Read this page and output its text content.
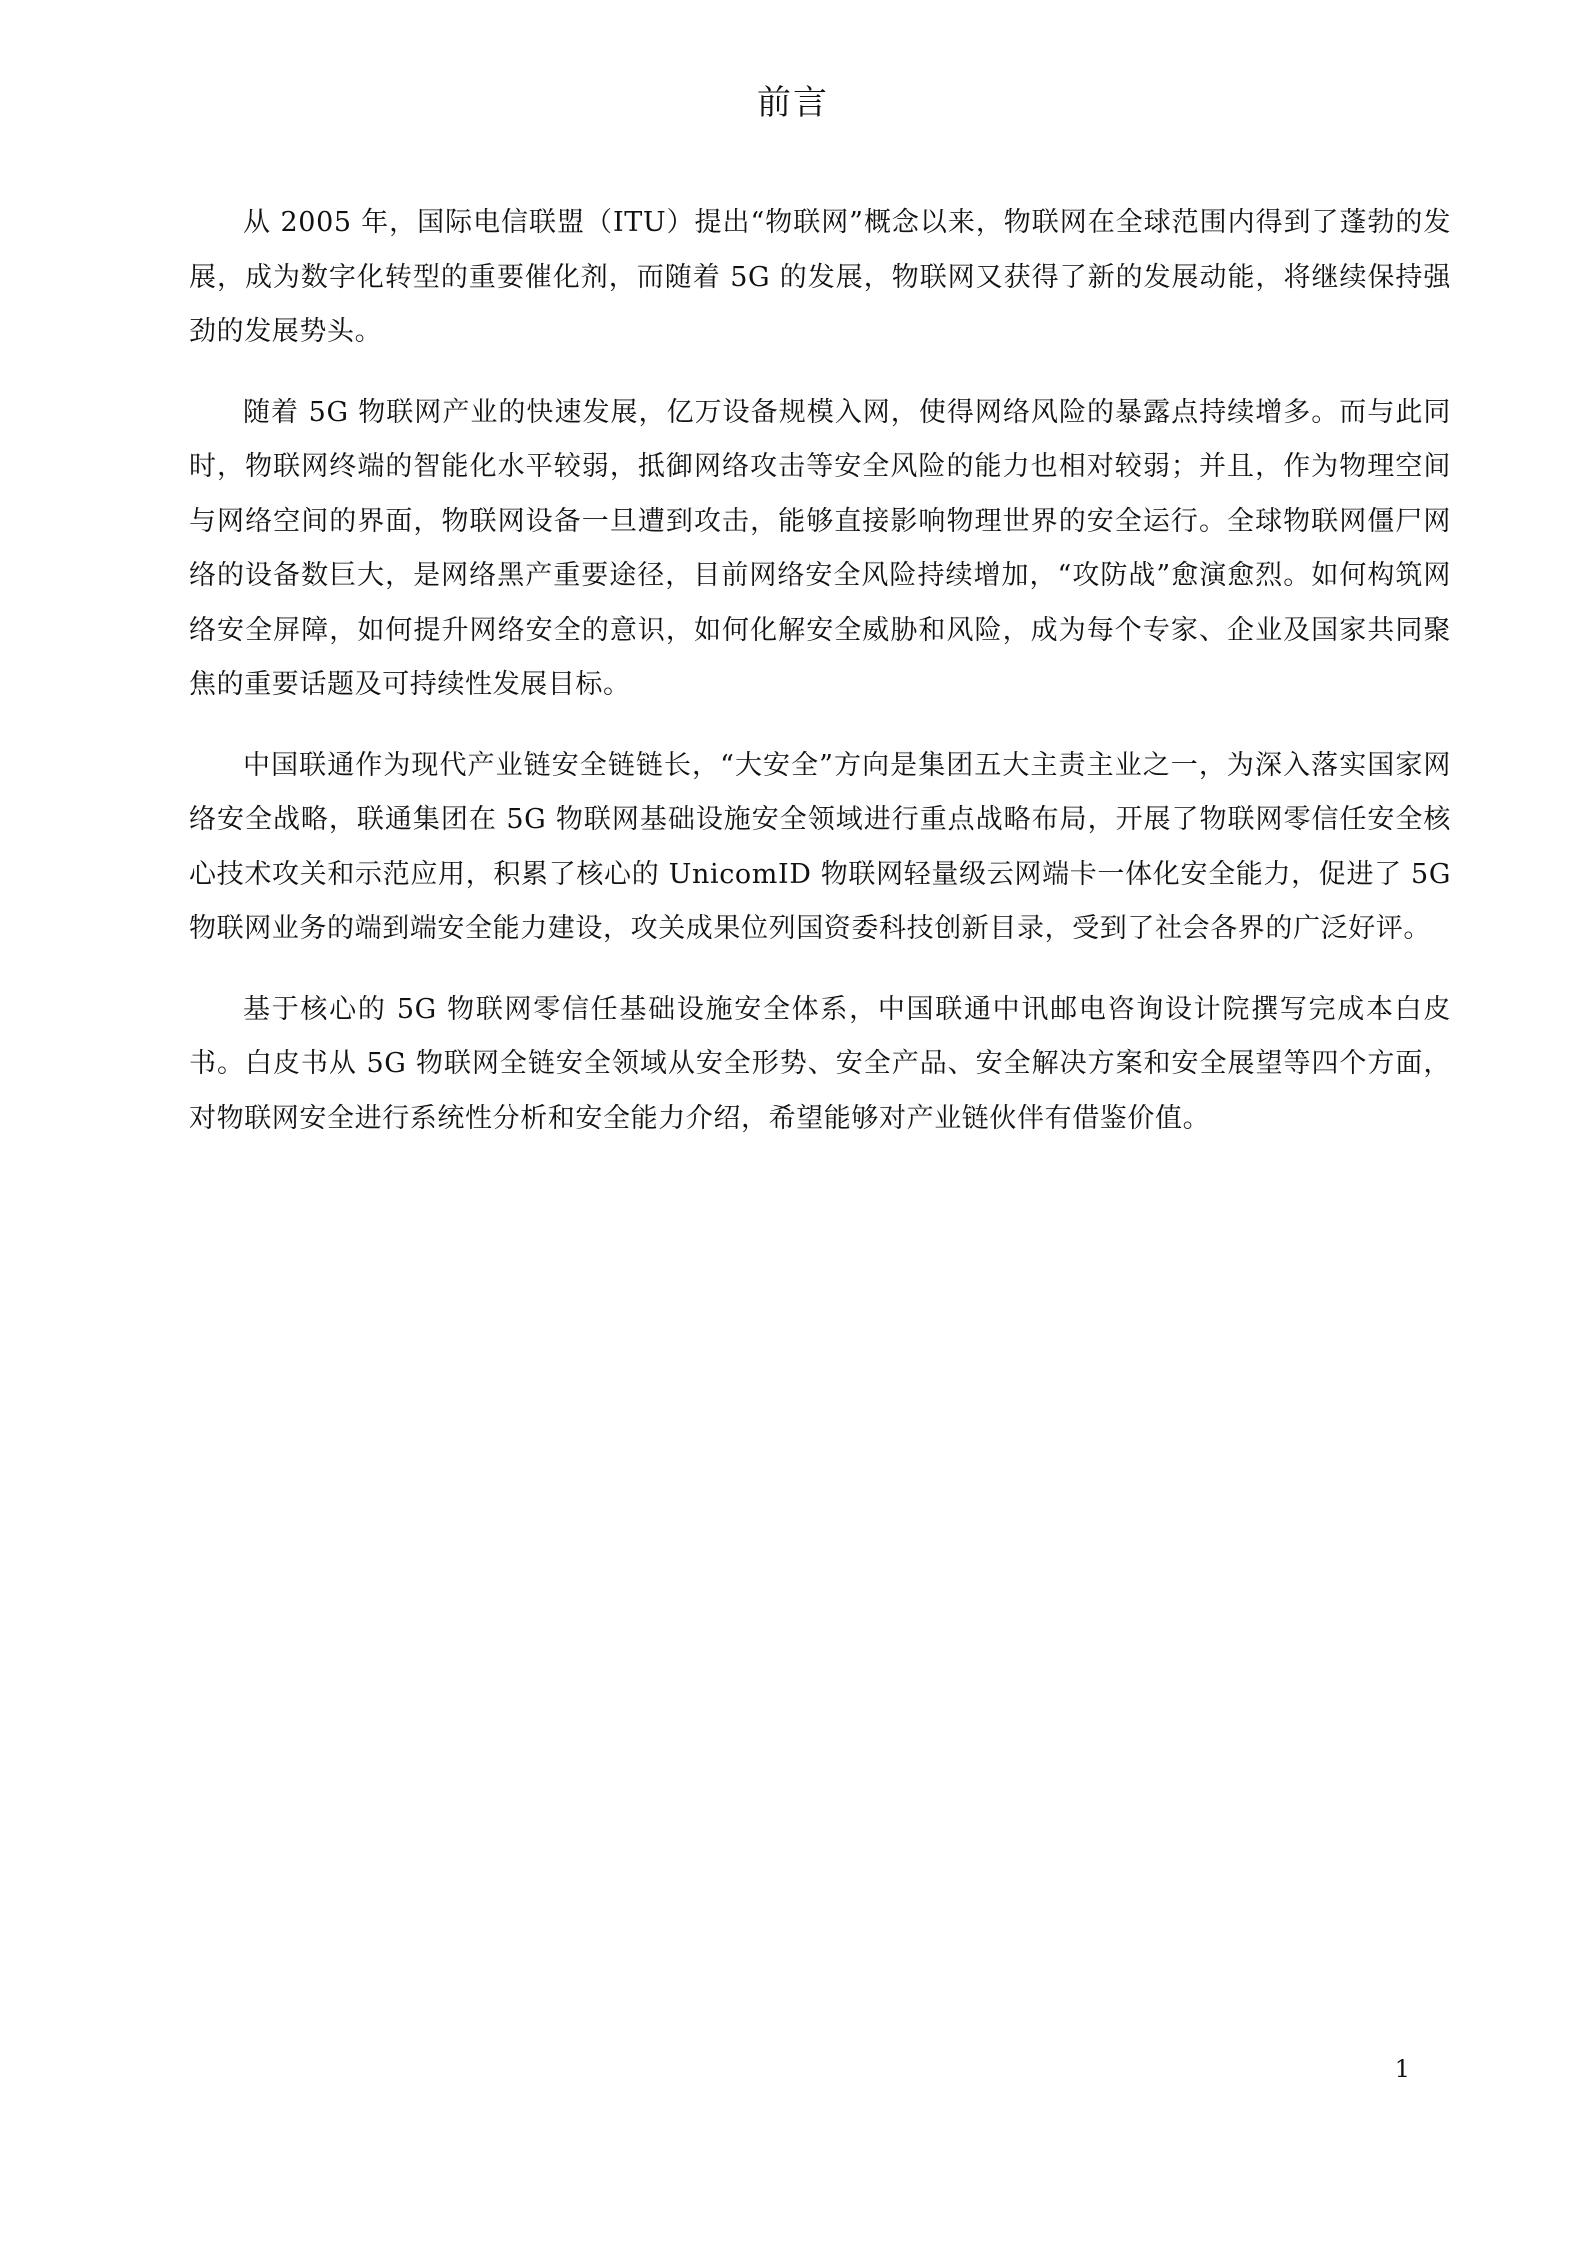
前言

从 2005 年，国际电信联盟（ITU）提出“物联网”概念以来，物联网在全球范围内得到了蓬勃的发展，成为数字化转型的重要催化剂，而随着 5G 的发展，物联网又获得了新的发展动能，将继续保持强劲的发展势头。

随着 5G 物联网产业的快速发展，亿万设备规模入网，使得网络风险的暴露点持续增多。而与此同时，物联网终端的智能化水平较弱，抵御网络攻击等安全风险的能力也相对较弱；并且，作为物理空间与网络空间的界面，物联网设备一旦遭到攻击，能够直接影响物理世界的安全运行。全球物联网僵尸网络的设备数巨大，是网络黑产重要途径，目前网络安全风险持续增加，“攻防战”愈演愈烈。如何构筑网络安全屏障，如何提升网络安全的意识，如何化解安全威胁和风险，成为每个专家、企业及国家共同聚焦的重要话题及可持续性发展目标。

中国联通作为现代产业链安全链链长，“大安全”方向是集团五大主责主业之一，为深入落实国家网络安全战略，联通集团在 5G 物联网基础设施安全领域进行重点战略布局，开展了物联网零信任安全核心技术攻关和示范应用，积累了核心的 UnicomID 物联网轻量级云网端卡一体化安全能力，促进了 5G 物联网业务的端到端安全能力建设，攻关成果位列国资委科技创新目录，受到了社会各界的广泛好评。

基于核心的 5G 物联网零信任基础设施安全体系，中国联通中讯邮电咨询设计院撰写完成本白皮书。白皮书从 5G 物联网全链安全领域从安全形势、安全产品、安全解决方案和安全展望等四个方面，对物联网安全进行系统性分析和安全能力介绍，希望能够对产业链伙伴有借鉴价值。

1
